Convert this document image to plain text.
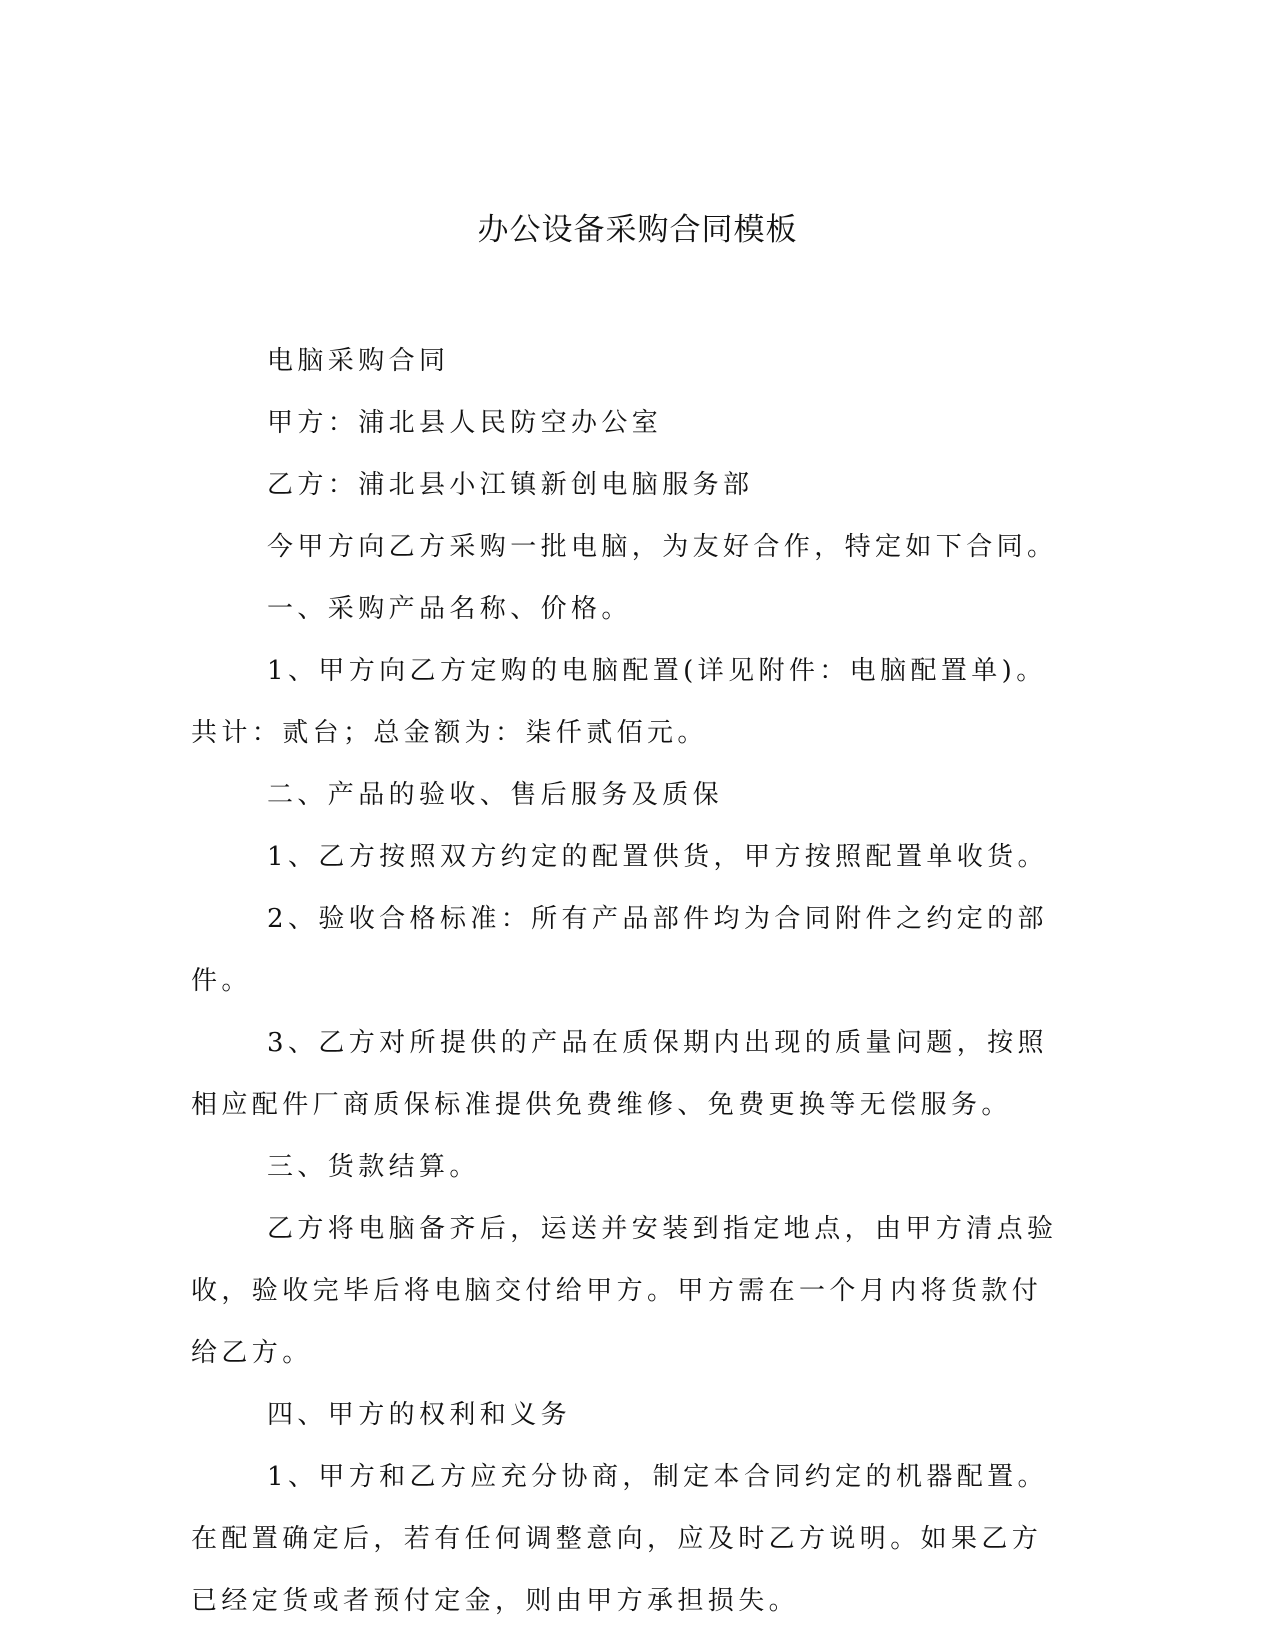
办公设备采购合同模板

电脑采购合同

甲方：浦北县人民防空办公室

乙方：浦北县小江镇新创电脑服务部

今甲方向乙方采购一批电脑，为友好合作，特定如下合同。

一、采购产品名称、价格。

1、甲方向乙方定购的电脑配置(详见附件：电脑配置单)。共计：贰台；总金额为：柒仟贰佰元。

二、产品的验收、售后服务及质保

1、乙方按照双方约定的配置供货，甲方按照配置单收货。

2、验收合格标准：所有产品部件均为合同附件之约定的部件。

3、乙方对所提供的产品在质保期内出现的质量问题，按照相应配件厂商质保标准提供免费维修、免费更换等无偿服务。

三、货款结算。

乙方将电脑备齐后，运送并安装到指定地点，由甲方清点验收，验收完毕后将电脑交付给甲方。甲方需在一个月内将货款付给乙方。

四、甲方的权利和义务

1、甲方和乙方应充分协商，制定本合同约定的机器配置。在配置确定后，若有任何调整意向，应及时乙方说明。如果乙方已经定货或者预付定金，则由甲方承担损失。
